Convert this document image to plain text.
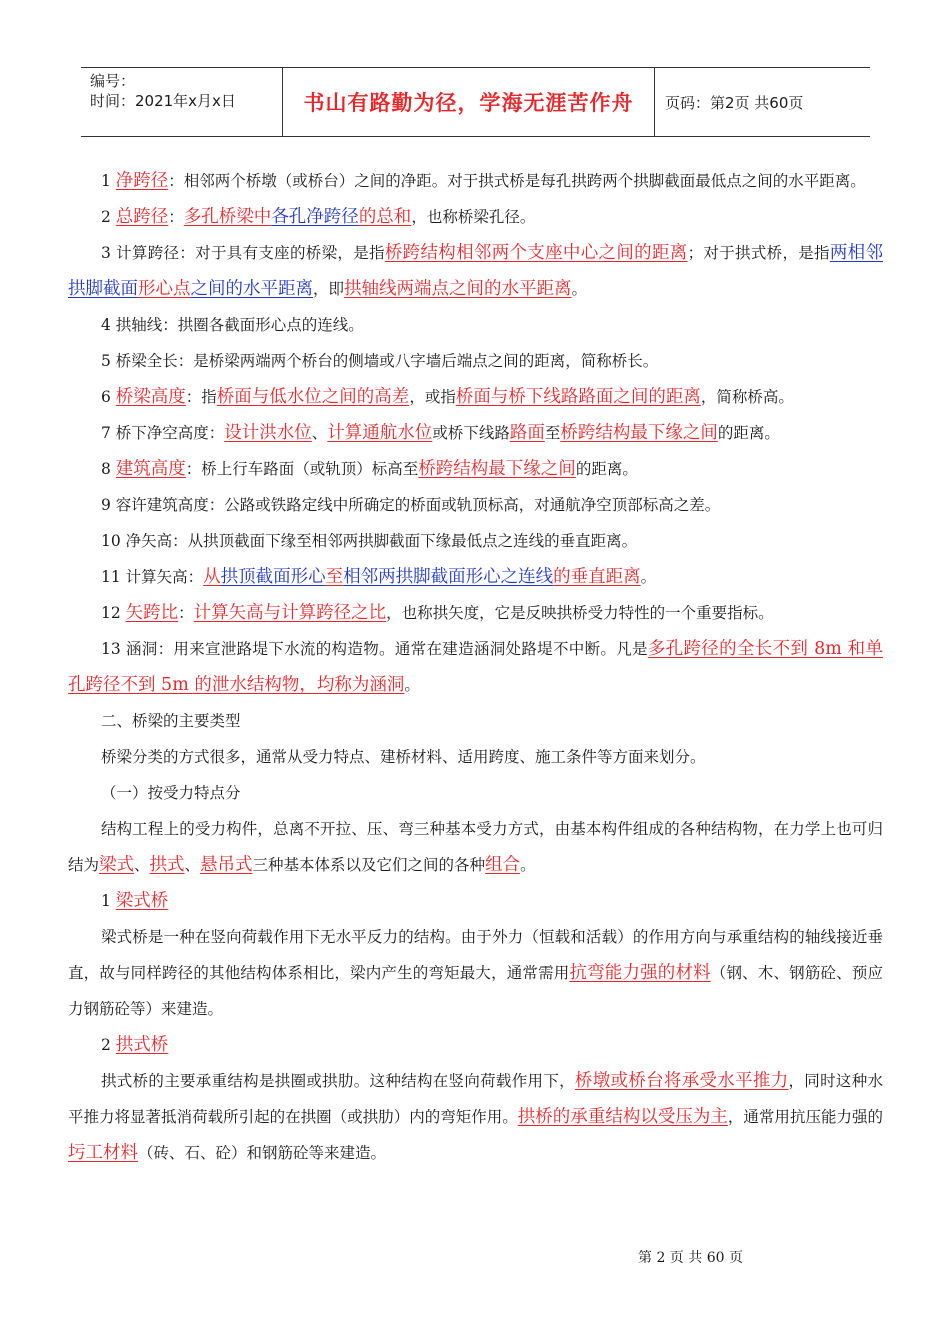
编号：
时间：2021年x月x日	书山有路勤为径，学海无涯苦作舟	页码：第2页 共60页

1 净跨径：相邻两个桥墩（或桥台）之间的净距。对于拱式桥是每孔拱跨两个拱脚截面最低点之间的水平距离。

2 总跨径：多孔桥梁中各孔净跨径的总和，也称桥梁孔径。

3 计算跨径：对于具有支座的桥梁，是指桥跨结构相邻两个支座中心之间的距离；对于拱式桥，是指两相邻拱脚截面形心点之间的水平距离，即拱轴线两端点之间的水平距离。

4 拱轴线：拱圈各截面形心点的连线。

5 桥梁全长：是桥梁两端两个桥台的侧墙或八字墙后端点之间的距离，简称桥长。

6 桥梁高度：指桥面与低水位之间的高差，或指桥面与桥下线路路面之间的距离，简称桥高。

7 桥下净空高度：设计洪水位、计算通航水位或桥下线路路面至桥跨结构最下缘之间的距离。

8 建筑高度：桥上行车路面（或轨顶）标高至桥跨结构最下缘之间的距离。

9 容许建筑高度：公路或铁路定线中所确定的桥面或轨顶标高，对通航净空顶部标高之差。

10 净矢高：从拱顶截面下缘至相邻两拱脚截面下缘最低点之连线的垂直距离。

11 计算矢高：从拱顶截面形心至相邻两拱脚截面形心之连线的垂直距离。

12 矢跨比：计算矢高与计算跨径之比，也称拱矢度，它是反映拱桥受力特性的一个重要指标。

13 涵洞：用来宣泄路堤下水流的构造物。通常在建造涵洞处路堤不中断。凡是多孔跨径的全长不到 8m 和单孔跨径不到 5m 的泄水结构物，均称为涵洞。

二、桥梁的主要类型

桥梁分类的方式很多，通常从受力特点、建桥材料、适用跨度、施工条件等方面来划分。

（一）按受力特点分

结构工程上的受力构件，总离不开拉、压、弯三种基本受力方式，由基本构件组成的各种结构物，在力学上也可归结为梁式、拱式、悬吊式三种基本体系以及它们之间的各种组合。

1 梁式桥

梁式桥是一种在竖向荷载作用下无水平反力的结构。由于外力（恒载和活载）的作用方向与承重结构的轴线接近垂直，故与同样跨径的其他结构体系相比，梁内产生的弯矩最大，通常需用抗弯能力强的材料（钢、木、钢筋砼、预应力钢筋砼等）来建造。

2 拱式桥

拱式桥的主要承重结构是拱圈或拱肋。这种结构在竖向荷载作用下，桥墩或桥台将承受水平推力，同时这种水平推力将显著抵消荷载所引起的在拱圈（或拱肋）内的弯矩作用。拱桥的承重结构以受压为主，通常用抗压能力强的圬工材料（砖、石、砼）和钢筋砼等来建造。

第 2 页 共 60 页
